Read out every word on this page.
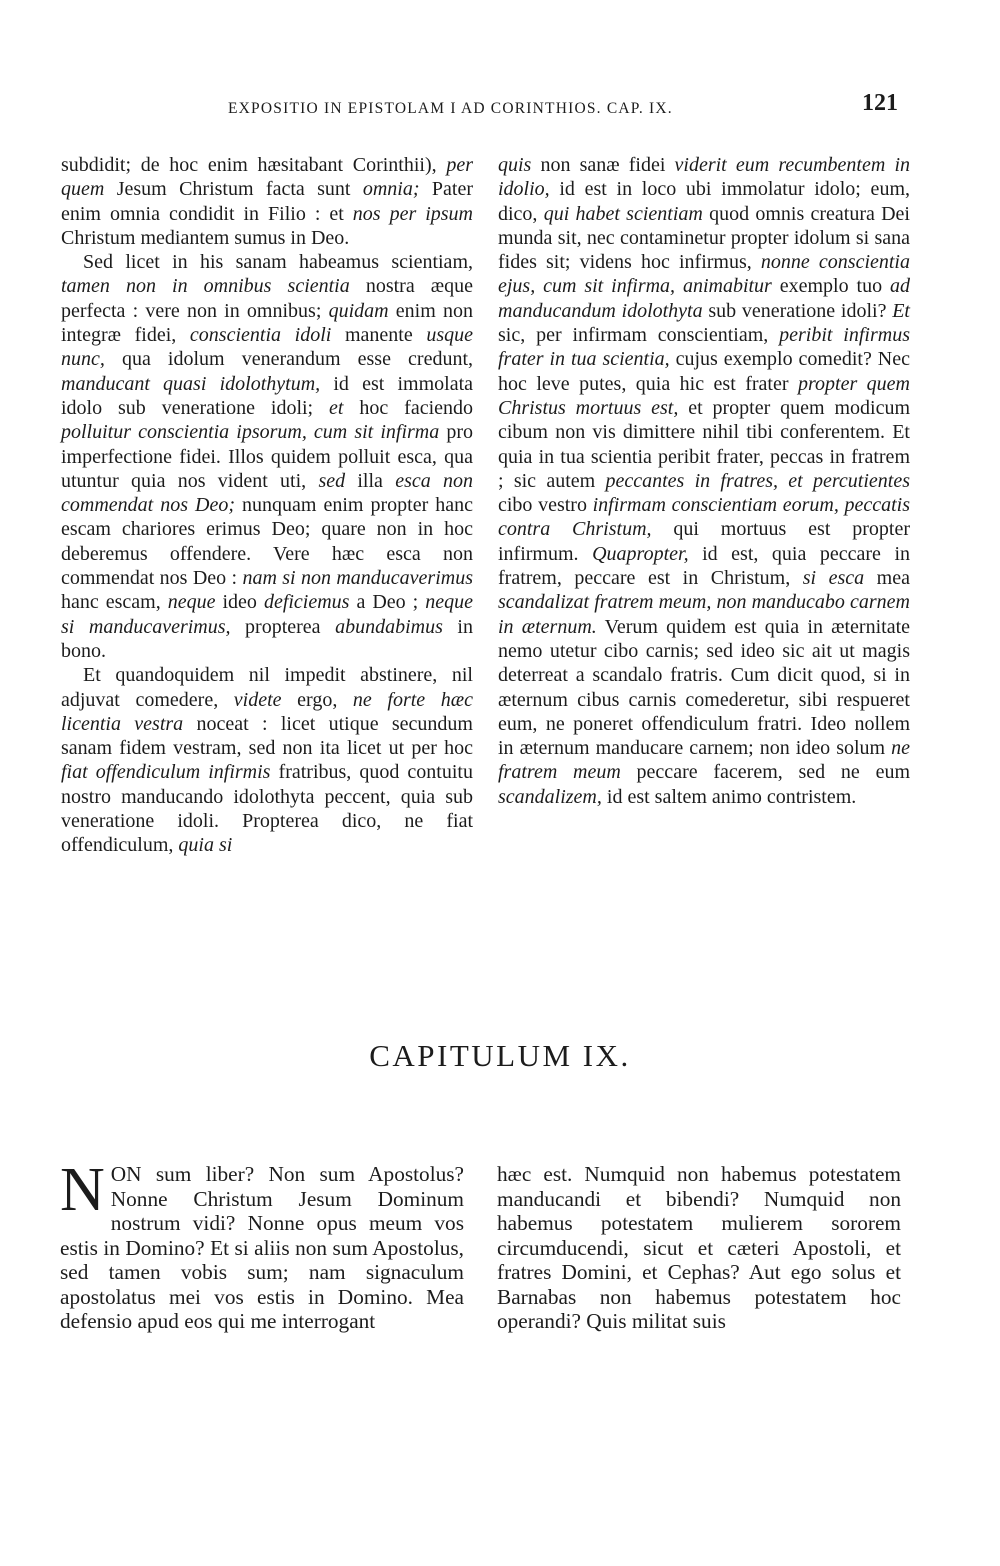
EXPOSITIO IN EPISTOLAM I AD CORINTHIOS. CAP. IX.	121

subdidit; de hoc enim hæsitabant Corinthii), per quem Jesum Christum facta sunt omnia; Pater enim omnia condidit in Filio : et nos per ipsum Christum mediantem sumus in Deo.

Sed licet in his sanam habeamus scientiam, tamen non in omnibus scientia nostra æque perfecta : vere non in omnibus; quidam enim non integræ fidei, conscientia idoli manente usque nunc, qua idolum venerandum esse credunt, manducant quasi idolothytum, id est immolata idolo sub veneratione idoli; et hoc faciendo polluitur conscientia ipsorum, cum sit infirma pro imperfectione fidei. Illos quidem polluit esca, qua utuntur quia nos vident uti, sed illa esca non commendat nos Deo; nunquam enim propter hanc escam chariores erimus Deo; quare non in hoc deberemus offendere. Vere hæc esca non commendat nos Deo : nam si non manducaverimus hanc escam, neque ideo deficiemus a Deo ; neque si manducaverimus, propterea abundabimus in bono.

Et quandoquidem nil impedit abstinere, nil adjuvat comedere, videte ergo, ne forte hæc licentia vestra noceat : licet utique secundum sanam fidem vestram, sed non ita licet ut per hoc fiat offendiculum infirmis fratribus, quod contuitu nostro manducando idolothyta peccent, quia sub veneratione idoli. Propterea dico, ne fiat offendiculum, quia si

quis non sanæ fidei viderit eum recumbentem in idolio, id est in loco ubi immolatur idolo; eum, dico, qui habet scientiam quod omnis creatura Dei munda sit, nec contaminetur propter idolum si sana fides sit; videns hoc infirmus, nonne conscientia ejus, cum sit infirma, animabitur exemplo tuo ad manducandum idolothyta sub veneratione idoli? Et sic, per infirmam conscientiam, peribit infirmus frater in tua scientia, cujus exemplo comedit? Nec hoc leve putes, quia hic est frater propter quem Christus mortuus est, et propter quem modicum cibum non vis dimittere nihil tibi conferentem. Et quia in tua scientia peribit frater, peccas in fratrem ; sic autem peccantes in fratres, et percutientes cibo vestro infirmam conscientiam eorum, peccatis contra Christum, qui mortuus est propter infirmum. Quapropter, id est, quia peccare in fratrem, peccare est in Christum, si esca mea scandalizat fratrem meum, non manducabo carnem in æternum. Verum quidem est quia in æternitate nemo utetur cibo carnis; sed ideo sic ait ut magis deterreat a scandalo fratris. Cum dicit quod, si in æternum cibus carnis comederetur, sibi respueret eum, ne poneret offendiculum fratri. Ideo nollem in æternum manducare carnem; non ideo solum ne fratrem meum peccare facerem, sed ne eum scandalizem, id est saltem animo contristem.

CAPITULUM IX.
NON sum liber? Non sum Apostolus? Nonne Christum Jesum Dominum nostrum vidi? Nonne opus meum vos estis in Domino? Et si aliis non sum Apostolus, sed tamen vobis sum; nam signaculum apostolatus mei vos estis in Domino. Mea defensio apud eos qui me interrogant
hæc est. Numquid non habemus potestatem manducandi et bibendi? Numquid non habemus potestatem mulierem sororem circumducendi, sicut et cæteri Apostoli, et fratres Domini, et Cephas? Aut ego solus et Barnabas non habemus potestatem hoc operandi? Quis militat suis
